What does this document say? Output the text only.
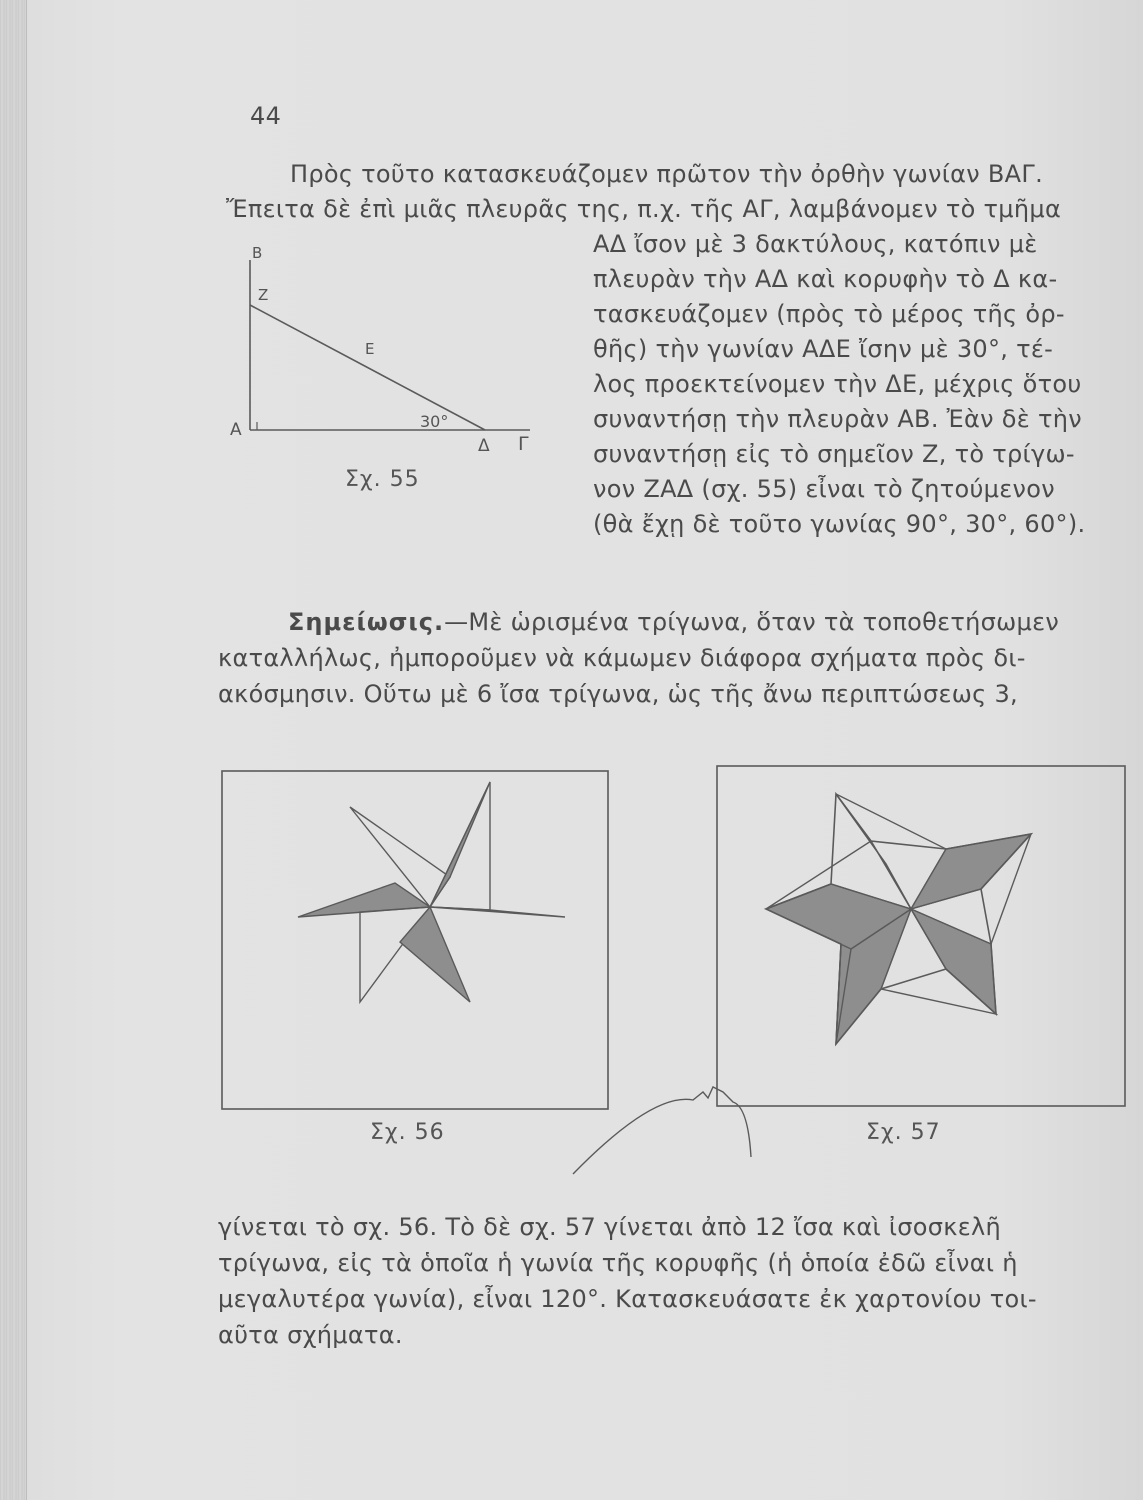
44
Πρὸς τοῦτο κατασκευάζομεν πρῶτον τὴν ὀρθὴν γωνίαν ΒΑΓ.
Ἔπειτα δὲ ἐπὶ μιᾶς πλευρᾶς της, π.χ. τῆς ΑΓ, λαμβάνομεν τὸ τμῆμα
ΑΔ ἴσον μὲ 3 δακτύλους, κατόπιν μὲ
πλευρὰν τὴν ΑΔ καὶ κορυφὴν τὸ Δ κα-
τασκευάζομεν (πρὸς τὸ μέρος τῆς ὀρ-
θῆς) τὴν γωνίαν ΑΔΕ ἴσην μὲ 30°, τέ-
λος προεκτείνομεν τὴν ΔΕ, μέχρις ὅτου
συναντήσῃ τὴν πλευρὰν ΑΒ. Ἐὰν δὲ τὴν
συναντήσῃ εἰς τὸ σημεῖον Ζ, τὸ τρίγω-
νον ΖΑΔ (σχ. 55) εἶναι τὸ ζητούμενον
(θὰ ἔχῃ δὲ τοῦτο γωνίας 90°, 30°, 60°).
Β
Ζ
Ε
30°
Α
Δ Γ
Σχ. 55
Σημείωσις.—Μὲ ὡρισμένα τρίγωνα, ὅταν τὰ τοποθετήσωμεν
καταλλήλως, ἠμποροῦμεν νὰ κάμωμεν διάφορα σχήματα πρὸς δι-
ακόσμησιν. Οὕτω μὲ 6 ἴσα τρίγωνα, ὡς τῆς ἄνω περιπτώσεως 3,
Σχ. 56	Σχ. 57
γίνεται τὸ σχ. 56. Τὸ δὲ σχ. 57 γίνεται ἀπὸ 12 ἴσα καὶ ἰσοσκελῆ
τρίγωνα, εἰς τὰ ὁποῖα ἡ γωνία τῆς κορυφῆς (ἡ ὁποία ἐδῶ εἶναι ἡ
μεγαλυτέρα γωνία), εἶναι 120°. Κατασκευάσατε ἐκ χαρτονίου τοι-
αῦτα σχήματα.
